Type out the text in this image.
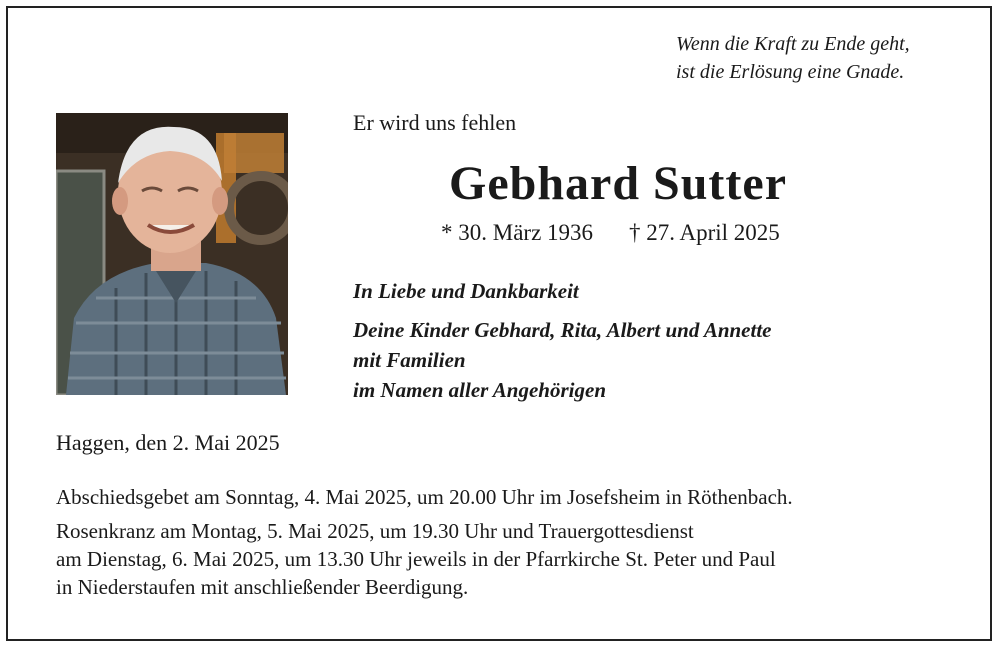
Wenn die Kraft zu Ende geht,
ist die Erlösung eine Gnade.
Er wird uns fehlen
Gebhard Sutter
* 30. März 1936 † 27. April 2025
In Liebe und Dankbarkeit
Deine Kinder Gebhard, Rita, Albert und Annette
mit Familien
im Namen aller Angehörigen
Haggen, den 2. Mai 2025
Abschiedsgebet am Sonntag, 4. Mai 2025, um 20.00 Uhr im Josefsheim in Röthenbach.
Rosenkranz am Montag, 5. Mai 2025, um 19.30 Uhr und Trauergottesdienst
am Dienstag, 6. Mai 2025, um 13.30 Uhr jeweils in der Pfarrkirche St. Peter und Paul
in Niederstaufen mit anschließender Beerdigung.
